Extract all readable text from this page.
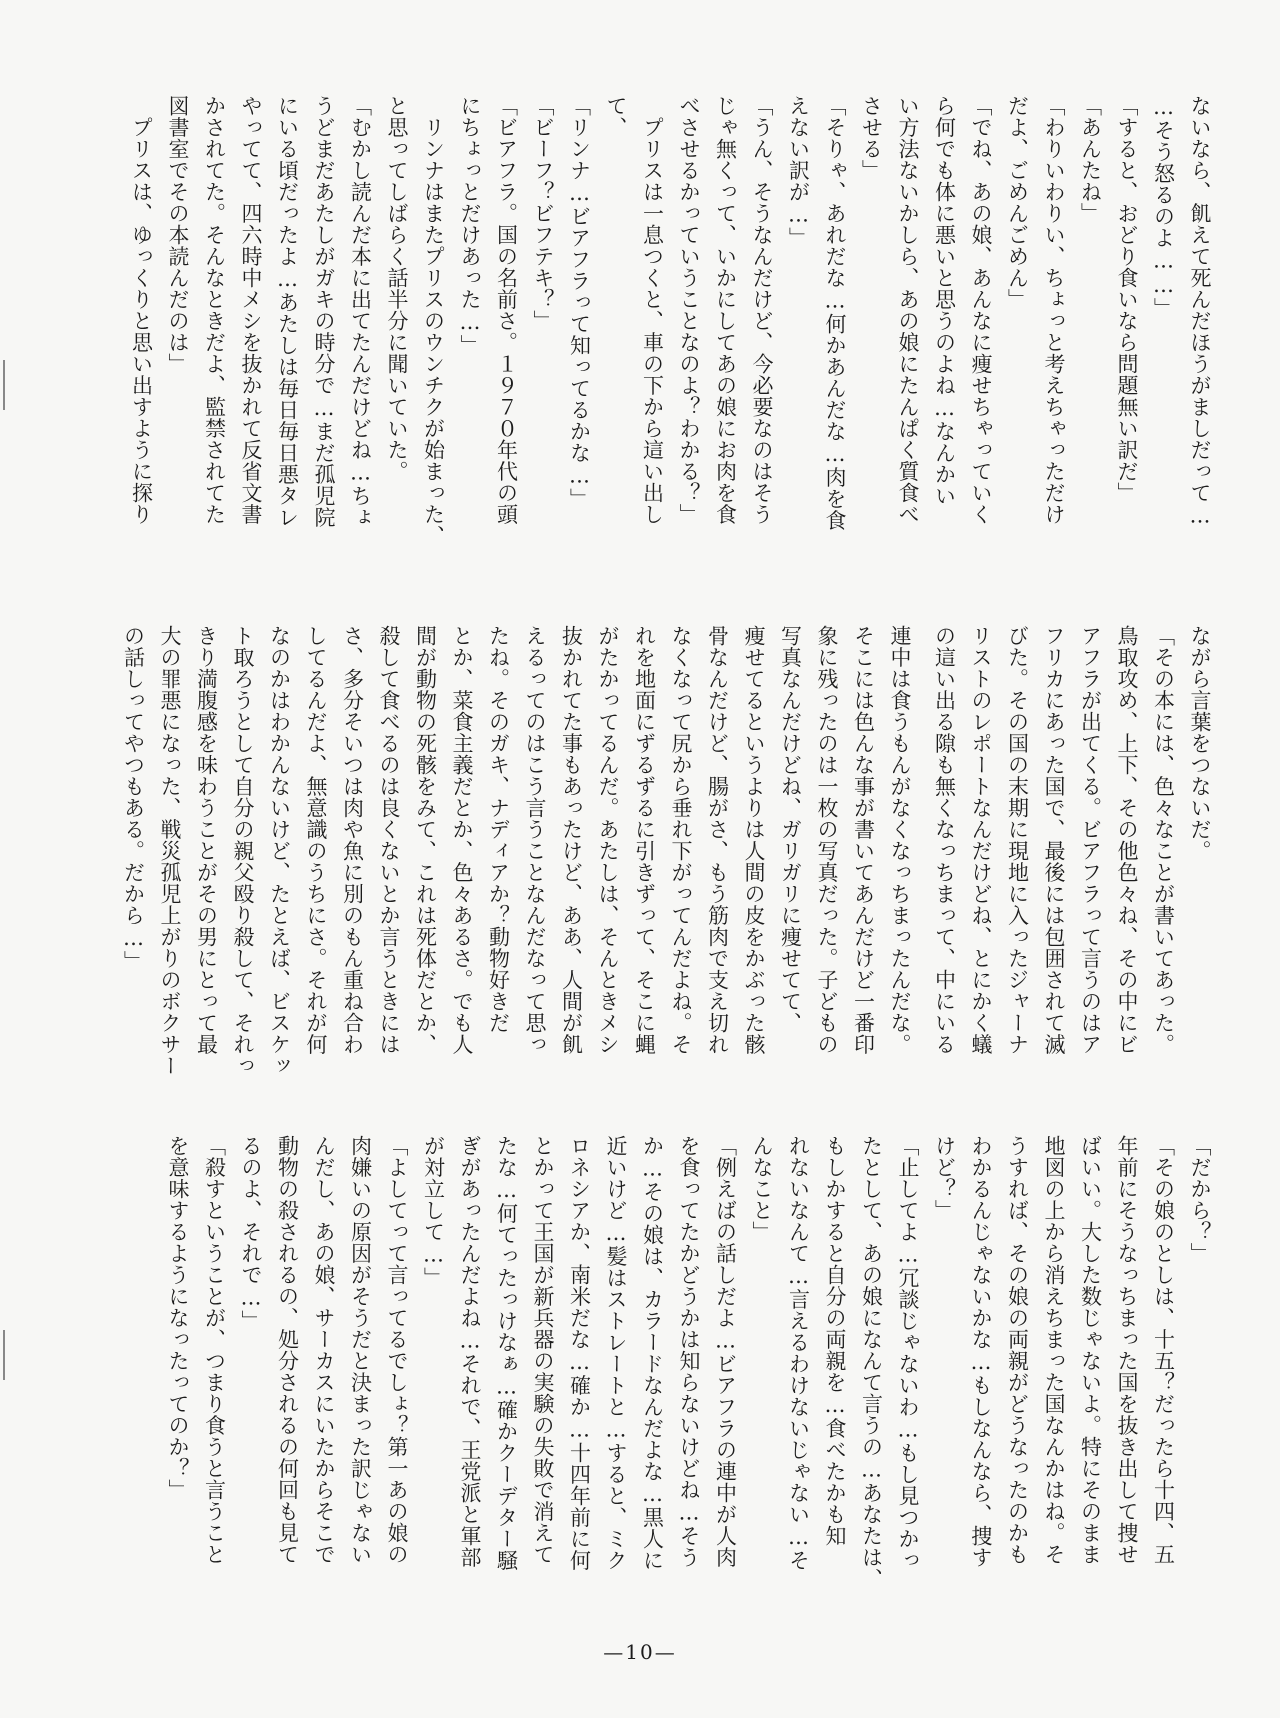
ないなら、飢えて死んだほうがましだって…
…そう怒るのよ……」
「すると、おどり食いなら問題無い訳だ」
「あんたね」
「わりいわりい、ちょっと考えちゃっただけ
だよ、ごめんごめん」
「でね、あの娘、あんなに痩せちゃっていく
ら何でも体に悪いと思うのよね…なんかい
い方法ないかしら、あの娘にたんぱく質食べ
させる」
「そりゃ、あれだな…何かあんだな…肉を食
えない訳が…」
「うん、そうなんだけど、今必要なのはそう
じゃ無くって、いかにしてあの娘にお肉を食
べさせるかっていうことなのよ？わかる？」
　プリスは一息つくと、車の下から這い出し
て、
「リンナ…ビアフラって知ってるかな…」
「ビーフ？ビフテキ？」
「ビアフラ。国の名前さ。１９７０年代の頭
にちょっとだけあった…」
　リンナはまたプリスのウンチクが始まった、
と思ってしばらく話半分に聞いていた。
「むかし読んだ本に出てたんだけどね…ちょ
うどまだあたしがガキの時分で…まだ孤児院
にいる頃だったよ…あたしは毎日毎日悪タレ
やってて、四六時中メシを抜かれて反省文書
かされてた。そんなときだよ、監禁されてた
図書室でその本読んだのは」
　プリスは、ゆっくりと思い出すように探り
連中は食うもんがなくなっちまったんだな。
そこには色んな事が書いてあんだけど一番印
象に残ったのは一枚の写真だった。子どもの
写真なんだけどね、ガリガリに痩せてて、
痩せてるというよりは人間の皮をかぶった骸
骨なんだけど、腸がさ、もう筋肉で支え切れ
なくなって尻から垂れ下がってんだよね。そ
れを地面にずるずるに引きずって、そこに蝿
がたかってるんだ。あたしは、そんときメシ
抜かれてた事もあったけど、ああ、人間が飢
えるってのはこう言うことなんだなって思っ
たね。そのガキ、ナディアか？動物好きだ
とか、菜食主義だとか、色々あるさ。でも人
間が動物の死骸をみて、これは死体だとか、
殺して食べるのは良くないとか言うときには
さ、多分そいつは肉や魚に別のもん重ね合わ
してるんだよ、無意識のうちにさ。それが何
なのかはわかんないけど、たとえば、ビスケッ
ト取ろうとして自分の親父殴り殺して、それっ
きり満腹感を味わうことがその男にとって最
大の罪悪になった、戦災孤児上がりのボクサー
の話しってやつもある。だから…」	ながら言葉をつないだ。
「その本には、色々なことが書いてあった。
鳥取攻め、上下、その他色々ね、その中にビ
アフラが出てくる。ビアフラって言うのはア
フリカにあった国で、最後には包囲されて滅
びた。その国の末期に現地に入ったジャーナ
リストのレポートなんだけどね、とにかく蟻
の這い出る隙も無くなっちまって、中にいる
「だから？」
「その娘のとしは、十五？だったら十四、五
年前にそうなっちまった国を抜き出して捜せ
ばいい。大した数じゃないよ。特にそのまま
地図の上から消えちまった国なんかはね。そ
うすれば、その娘の両親がどうなったのかも
わかるんじゃないかな…もしなんなら、捜す
けど？」
「止してよ…冗談じゃないわ…もし見つかっ
たとして、あの娘になんて言うの…あなたは、
もしかすると自分の両親を…食べたかも知
れないなんて…言えるわけないじゃない…そ
んなこと」
「例えばの話しだよ…ビアフラの連中が人肉
を食ってたかどうかは知らないけどね…そう
か…その娘は、カラードなんだよな…黒人に
近いけど…髪はストレートと…すると、ミク
ロネシアか、南米だな…確か…十四年前に何
とかって王国が新兵器の実験の失敗で消えて
たな…何てったっけなぁ…確かクーデター騒
ぎがあったんだよね…それで、王党派と軍部
が対立して…」
「よしてって言ってるでしょ？第一あの娘の
肉嫌いの原因がそうだと決まった訳じゃない
んだし、あの娘、サーカスにいたからそこで
動物の殺されるの、処分されるの何回も見て
るのよ、それで…」
「殺すということが、つまり食うと言うこと
を意味するようになったってのか？」
—10—
